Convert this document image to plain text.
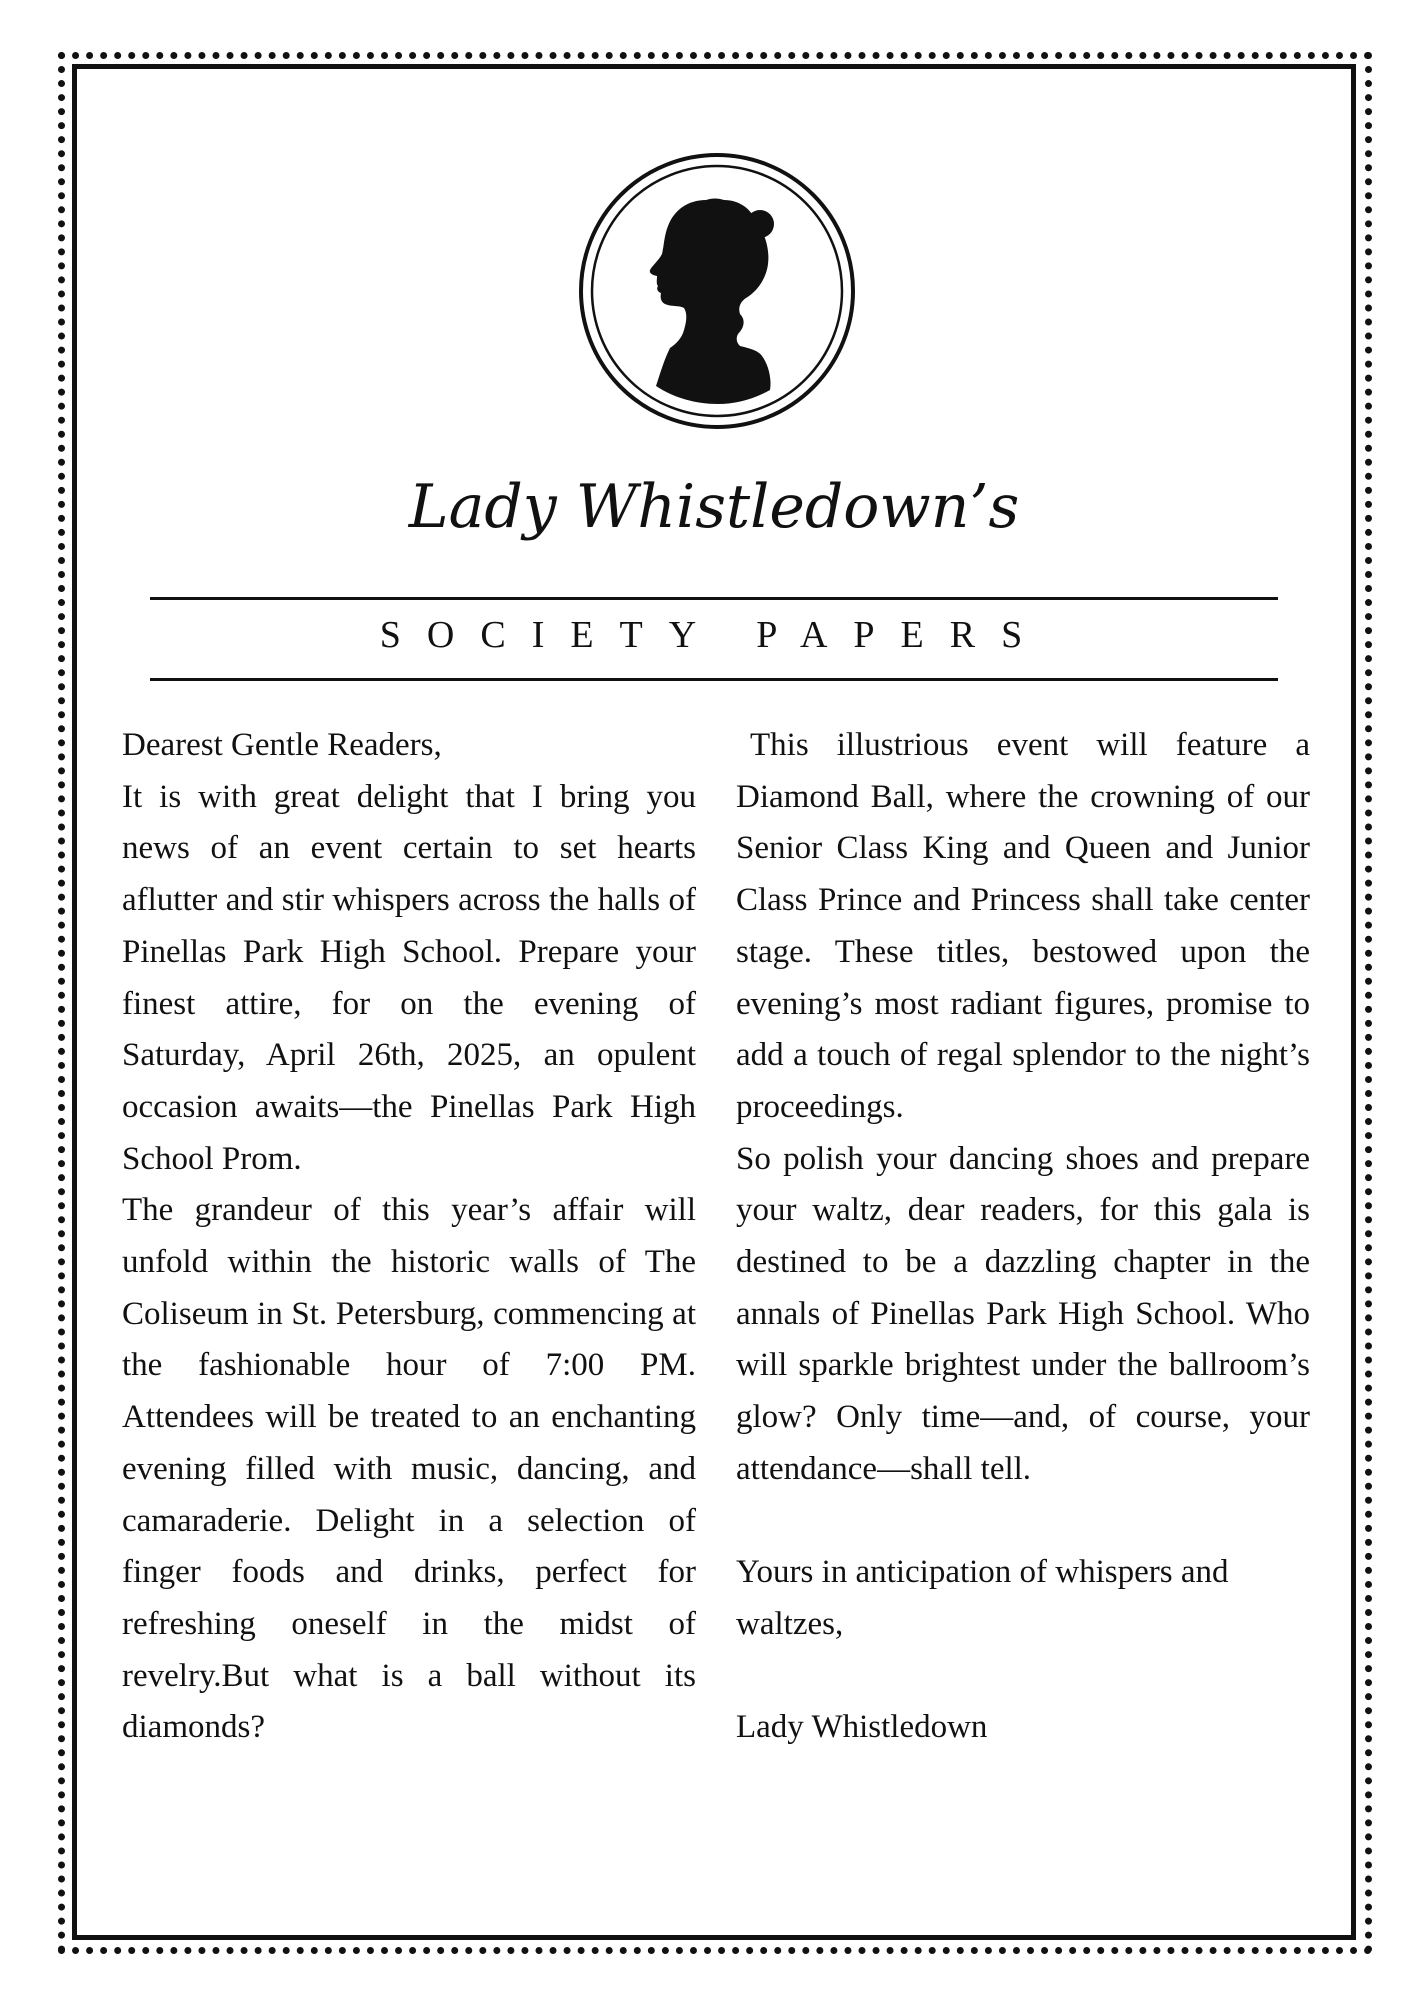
Lady Whistledown’s
SOCIETY PAPERS

Dearest Gentle Readers,

It is with great delight that I bring you news of an event certain to set hearts aflutter and stir whispers across the halls of Pinellas Park High School. Prepare your finest attire, for on the evening of Saturday, April 26th, 2025, an opulent occasion awaits—the Pinellas Park High School Prom.

The grandeur of this year’s affair will unfold within the historic walls of The Coliseum in St. Petersburg, commencing at the fashionable hour of 7:00 PM. Attendees will be treated to an enchanting evening filled with music, dancing, and camaraderie. Delight in a selection of finger foods and drinks, perfect for refreshing oneself in the midst of revelry.But what is a ball without its diamonds?

This illustrious event will feature a Diamond Ball, where the crowning of our Senior Class King and Queen and Junior Class Prince and Princess shall take center stage. These titles, bestowed upon the evening’s most radiant figures, promise to add a touch of regal splendor to the night’s proceedings.

So polish your dancing shoes and prepare your waltz, dear readers, for this gala is destined to be a dazzling chapter in the annals of Pinellas Park High School. Who will sparkle brightest under the ballroom’s glow? Only time—and, of course, your attendance—shall tell.

Yours in anticipation of whispers and waltzes,

Lady Whistledown
